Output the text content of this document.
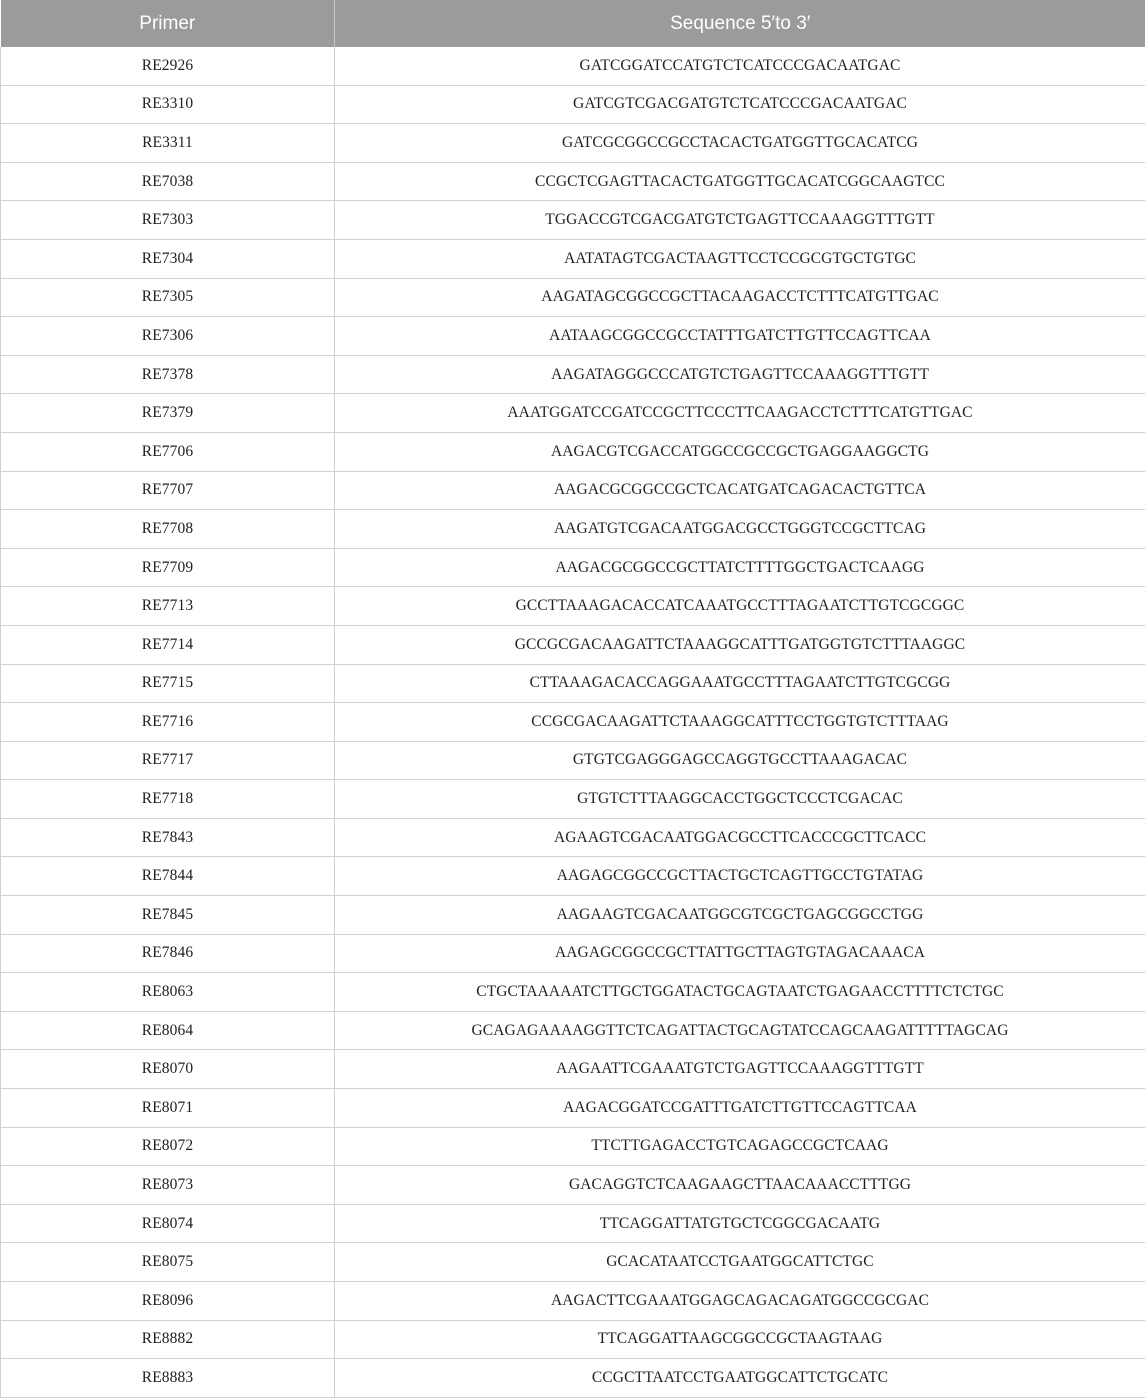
Primer	Sequence 5′to 3′
RE2926	GATCGGATCCATGTCTCATCCCGACAATGAC
RE3310	GATCGTCGACGATGTCTCATCCCGACAATGAC
RE3311	GATCGCGGCCGCCTACACTGATGGTTGCACATCG
RE7038	CCGCTCGAGTTACACTGATGGTTGCACATCGGCAAGTCC
RE7303	TGGACCGTCGACGATGTCTGAGTTCCAAAGGTTTGTT
RE7304	AATATAGTCGACTAAGTTCCTCCGCGTGCTGTGC
RE7305	AAGATAGCGGCCGCTTACAAGACCTCTTTCATGTTGAC
RE7306	AATAAGCGGCCGCCTATTTGATCTTGTTCCAGTTCAA
RE7378	AAGATAGGGCCCATGTCTGAGTTCCAAAGGTTTGTT
RE7379	AAATGGATCCGATCCGCTTCCCTTCAAGACCTCTTTCATGTTGAC
RE7706	AAGACGTCGACCATGGCCGCCGCTGAGGAAGGCTG
RE7707	AAGACGCGGCCGCTCACATGATCAGACACTGTTCA
RE7708	AAGATGTCGACAATGGACGCCTGGGTCCGCTTCAG
RE7709	AAGACGCGGCCGCTTATCTTTTGGCTGACTCAAGG
RE7713	GCCTTAAAGACACCATCAAATGCCTTTAGAATCTTGTCGCGGC
RE7714	GCCGCGACAAGATTCTAAAGGCATTTGATGGTGTCTTTAAGGC
RE7715	CTTAAAGACACCAGGAAATGCCTTTAGAATCTTGTCGCGG
RE7716	CCGCGACAAGATTCTAAAGGCATTTCCTGGTGTCTTTAAG
RE7717	GTGTCGAGGGAGCCAGGTGCCTTAAAGACAC
RE7718	GTGTCTTTAAGGCACCTGGCTCCCTCGACAC
RE7843	AGAAGTCGACAATGGACGCCTTCACCCGCTTCACC
RE7844	AAGAGCGGCCGCTTACTGCTCAGTTGCCTGTATAG
RE7845	AAGAAGTCGACAATGGCGTCGCTGAGCGGCCTGG
RE7846	AAGAGCGGCCGCTTATTGCTTAGTGTAGACAAACA
RE8063	CTGCTAAAAATCTTGCTGGATACTGCAGTAATCTGAGAACCTTTTCTCTGC
RE8064	GCAGAGAAAAGGTTCTCAGATTACTGCAGTATCCAGCAAGATTTTTAGCAG
RE8070	AAGAATTCGAAATGTCTGAGTTCCAAAGGTTTGTT
RE8071	AAGACGGATCCGATTTGATCTTGTTCCAGTTCAA
RE8072	TTCTTGAGACCTGTCAGAGCCGCTCAAG
RE8073	GACAGGTCTCAAGAAGCTTAACAAACCTTTGG
RE8074	TTCAGGATTATGTGCTCGGCGACAATG
RE8075	GCACATAATCCTGAATGGCATTCTGC
RE8096	AAGACTTCGAAATGGAGCAGACAGATGGCCGCGAC
RE8882	TTCAGGATTAAGCGGCCGCTAAGTAAG
RE8883	CCGCTTAATCCTGAATGGCATTCTGCATC
